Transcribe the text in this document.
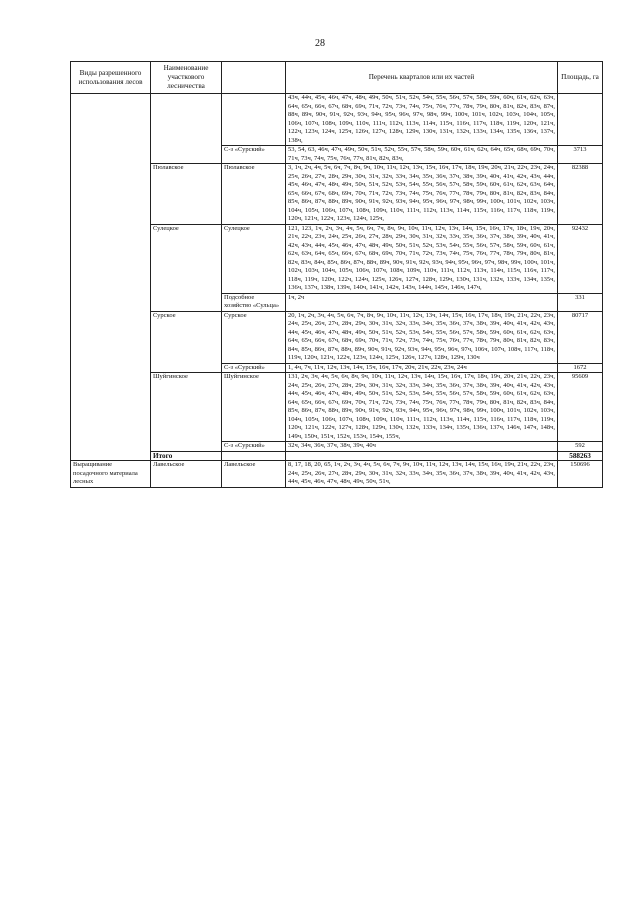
28
Виды разрешенного использования лесов	Наименование участкового лесничества		Перечень кварталов или их частей	Площадь, га
			43ч, 44ч, 45ч, 46ч, 47ч, 48ч, 49ч, 50ч, 51ч, 52ч, 54ч, 55ч, 56ч, 57ч, 58ч, 59ч, 60ч, 61ч, 62ч, 63ч, 64ч, 65ч, 66ч, 67ч, 68ч, 69ч, 71ч, 72ч, 73ч, 74ч, 75ч, 76ч, 77ч, 78ч, 79ч, 80ч, 81ч, 82ч, 83ч, 87ч, 88ч, 89ч, 90ч, 91ч, 92ч, 93ч, 94ч, 95ч, 96ч, 97ч, 98ч, 99ч, 100ч, 101ч, 102ч, 103ч, 104ч, 105ч, 106ч, 107ч, 108ч, 109ч, 110ч, 111ч, 112ч, 113ч, 114ч, 115ч, 116ч, 117ч, 118ч, 119ч, 120ч, 121ч, 122ч, 123ч, 124ч, 125ч, 126ч, 127ч, 128ч, 129ч, 130ч, 131ч, 132ч, 133ч, 134ч, 135ч, 136ч, 137ч, 138ч,	
		С-з «Сурский»	53, 54, 63, 46ч, 47ч, 49ч, 50ч, 51ч, 52ч, 55ч, 57ч, 58ч, 59ч, 60ч, 61ч, 62ч, 64ч, 65ч, 68ч, 69ч, 70ч, 71ч, 73ч, 74ч, 75ч, 76ч, 77ч, 81ч, 82ч, 83ч,	3713
	Пюлавское	Пюлавское	3, 1ч, 2ч, 4ч, 5ч, 6ч, 7ч, 8ч, 9ч, 10ч, 11ч, 12ч, 13ч, 15ч, 16ч, 17ч, 18ч, 19ч, 20ч, 21ч, 22ч, 23ч, 24ч, 25ч, 26ч, 27ч, 28ч, 29ч, 30ч, 31ч, 32ч, 33ч, 34ч, 35ч, 36ч, 37ч, 38ч, 39ч, 40ч, 41ч, 42ч, 43ч, 44ч, 45ч, 46ч, 47ч, 48ч, 49ч, 50ч, 51ч, 52ч, 53ч, 54ч, 55ч, 56ч, 57ч, 58ч, 59ч, 60ч, 61ч, 62ч, 63ч, 64ч, 65ч, 66ч, 67ч, 68ч, 69ч, 70ч, 71ч, 72ч, 73ч, 74ч, 75ч, 76ч, 77ч, 78ч, 79ч, 80ч, 81ч, 82ч, 83ч, 84ч, 85ч, 86ч, 87ч, 88ч, 89ч, 90ч, 91ч, 92ч, 93ч, 94ч, 95ч, 96ч, 97ч, 98ч, 99ч, 100ч, 101ч, 102ч, 103ч, 104ч, 105ч, 106ч, 107ч, 108ч, 109ч, 110ч, 111ч, 112ч, 113ч, 114ч, 115ч, 116ч, 117ч, 118ч, 119ч, 120ч, 121ч, 122ч, 123ч, 124ч, 125ч,	82388
	Сулецкое	Сулецкое	121, 123, 1ч, 2ч, 3ч, 4ч, 5ч, 6ч, 7ч, 8ч, 9ч, 10ч, 11ч, 12ч, 13ч, 14ч, 15ч, 16ч, 17ч, 18ч, 19ч, 20ч, 21ч, 22ч, 23ч, 24ч, 25ч, 26ч, 27ч, 28ч, 29ч, 30ч, 31ч, 32ч, 33ч, 35ч, 36ч, 37ч, 38ч, 39ч, 40ч, 41ч, 42ч, 43ч, 44ч, 45ч, 46ч, 47ч, 48ч, 49ч, 50ч, 51ч, 52ч, 53ч, 54ч, 55ч, 56ч, 57ч, 58ч, 59ч, 60ч, 61ч, 62ч, 63ч, 64ч, 65ч, 66ч, 67ч, 68ч, 69ч, 70ч, 71ч, 72ч, 73ч, 74ч, 75ч, 76ч, 77ч, 78ч, 79ч, 80ч, 81ч, 82ч, 83ч, 84ч, 85ч, 86ч, 87ч, 88ч, 89ч, 90ч, 91ч, 92ч, 93ч, 94ч, 95ч, 96ч, 97ч, 98ч, 99ч, 100ч, 101ч, 102ч, 103ч, 104ч, 105ч, 106ч, 107ч, 108ч, 109ч, 110ч, 111ч, 112ч, 113ч, 114ч, 115ч, 116ч, 117ч, 118ч, 119ч, 120ч, 122ч, 124ч, 125ч, 126ч, 127ч, 128ч, 129ч, 130ч, 131ч, 132ч, 133ч, 134ч, 135ч, 136ч, 137ч, 138ч, 139ч, 140ч, 141ч, 142ч, 143ч, 144ч, 145ч, 146ч, 147ч,	92432
		Подсобное хозяйство «Сульца»	1ч, 2ч	331
	Сурское	Сурское	20, 1ч, 2ч, 3ч, 4ч, 5ч, 6ч, 7ч, 8ч, 9ч, 10ч, 11ч, 12ч, 13ч, 14ч, 15ч, 16ч, 17ч, 18ч, 19ч, 21ч, 22ч, 23ч, 24ч, 25ч, 26ч, 27ч, 28ч, 29ч, 30ч, 31ч, 32ч, 33ч, 34ч, 35ч, 36ч, 37ч, 38ч, 39ч, 40ч, 41ч, 42ч, 43ч, 44ч, 45ч, 46ч, 47ч, 48ч, 49ч, 50ч, 51ч, 52ч, 53ч, 54ч, 55ч, 56ч, 57ч, 58ч, 59ч, 60ч, 61ч, 62ч, 63ч, 64ч, 65ч, 66ч, 67ч, 68ч, 69ч, 70ч, 71ч, 72ч, 73ч, 74ч, 75ч, 76ч, 77ч, 78ч, 79ч, 80ч, 81ч, 82ч, 83ч, 84ч, 85ч, 86ч, 87ч, 88ч, 89ч, 90ч, 91ч, 92ч, 93ч, 94ч, 95ч, 96ч, 97ч, 106ч, 107ч, 108ч, 117ч, 118ч, 119ч, 120ч, 121ч, 122ч, 123ч, 124ч, 125ч, 126ч, 127ч, 128ч, 129ч, 130ч	80717
		С-з «Сурский»	1, 4ч, 7ч, 11ч, 12ч, 13ч, 14ч, 15ч, 16ч, 17ч, 20ч, 21ч, 22ч, 23ч, 24ч	1672
	Шуйгинское	Шуйгинское	131, 2ч, 3ч, 4ч, 5ч, 6ч, 8ч, 9ч, 10ч, 11ч, 12ч, 13ч, 14ч, 15ч, 16ч, 17ч, 18ч, 19ч, 20ч, 21ч, 22ч, 23ч, 24ч, 25ч, 26ч, 27ч, 28ч, 29ч, 30ч, 31ч, 32ч, 33ч, 34ч, 35ч, 36ч, 37ч, 38ч, 39ч, 40ч, 41ч, 42ч, 43ч, 44ч, 45ч, 46ч, 47ч, 48ч, 49ч, 50ч, 51ч, 52ч, 53ч, 54ч, 55ч, 56ч, 57ч, 58ч, 59ч, 60ч, 61ч, 62ч, 63ч, 64ч, 65ч, 66ч, 67ч, 69ч, 70ч, 71ч, 72ч, 73ч, 74ч, 75ч, 76ч, 77ч, 78ч, 79ч, 80ч, 81ч, 82ч, 83ч, 84ч, 85ч, 86ч, 87ч, 88ч, 89ч, 90ч, 91ч, 92ч, 93ч, 94ч, 95ч, 96ч, 97ч, 98ч, 99ч, 100ч, 101ч, 102ч, 103ч, 104ч, 105ч, 106ч, 107ч, 108ч, 109ч, 110ч, 111ч, 112ч, 113ч, 114ч, 115ч, 116ч, 117ч, 118ч, 119ч, 120ч, 121ч, 122ч, 127ч, 128ч, 129ч, 130ч, 132ч, 133ч, 134ч, 135ч, 136ч, 137ч, 146ч, 147ч, 148ч, 149ч, 150ч, 151ч, 152ч, 153ч, 154ч, 155ч,	95609
		С-з «Сурский»	32ч, 34ч, 36ч, 37ч, 38ч, 39ч, 40ч	592
	Итого			588263
Выращивание посадочного материала лесных	Лавельское	Лавельское	8, 17, 18, 20, 65, 1ч, 2ч, 3ч, 4ч, 5ч, 6ч, 7ч, 9ч, 10ч, 11ч, 12ч, 13ч, 14ч, 15ч, 16ч, 19ч, 21ч, 22ч, 23ч, 24ч, 25ч, 26ч, 27ч, 28ч, 29ч, 30ч, 31ч, 32ч, 33ч, 34ч, 35ч, 36ч, 37ч, 38ч, 39ч, 40ч, 41ч, 42ч, 43ч, 44ч, 45ч, 46ч, 47ч, 48ч, 49ч, 50ч, 51ч,	150696
